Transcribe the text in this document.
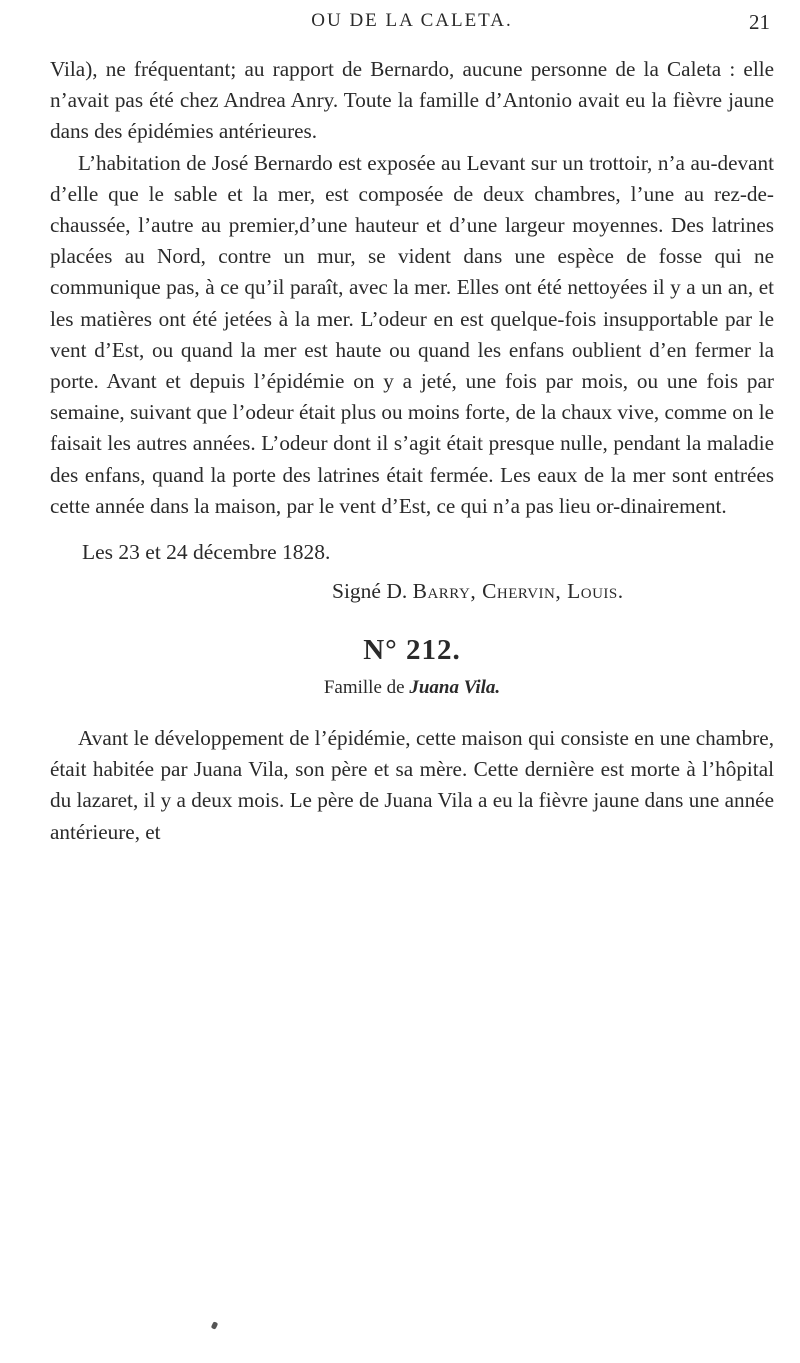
OU DE LA CALETA.	21

Vila), ne fréquentant; au rapport de Bernardo, aucune personne de la Caleta : elle n’avait pas été chez Andrea Anry. Toute la famille d’Antonio avait eu la fièvre jaune dans des épidémies antérieures.

L’habitation de José Bernardo est exposée au Levant sur un trottoir, n’a au-devant d’elle que le sable et la mer, est composée de deux chambres, l’une au rez-de-chaussée, l’autre au premier,d’une hauteur et d’une largeur moyennes. Des latrines placées au Nord, contre un mur, se vident dans une espèce de fosse qui ne communique pas, à ce qu’il paraît, avec la mer. Elles ont été nettoyées il y a un an, et les matières ont été jetées à la mer. L’odeur en est quelque-fois insupportable par le vent d’Est, ou quand la mer est haute ou quand les enfans oublient d’en fermer la porte. Avant et depuis l’épidémie on y a jeté, une fois par mois, ou une fois par semaine, suivant que l’odeur était plus ou moins forte, de la chaux vive, comme on le faisait les autres années. L’odeur dont il s’agit était presque nulle, pendant la maladie des enfans, quand la porte des latrines était fermée. Les eaux de la mer sont entrées cette année dans la maison, par le vent d’Est, ce qui n’a pas lieu or-dinairement.

Les 23 et 24 décembre 1828.
Signé D. Barry, Chervin, Louis.
N° 212.
Famille de Juana Vila.

Avant le développement de l’épidémie, cette maison qui consiste en une chambre, était habitée par Juana Vila, son père et sa mère. Cette dernière est morte à l’hôpital du lazaret, il y a deux mois. Le père de Juana Vila a eu la fièvre jaune dans une année antérieure, et
